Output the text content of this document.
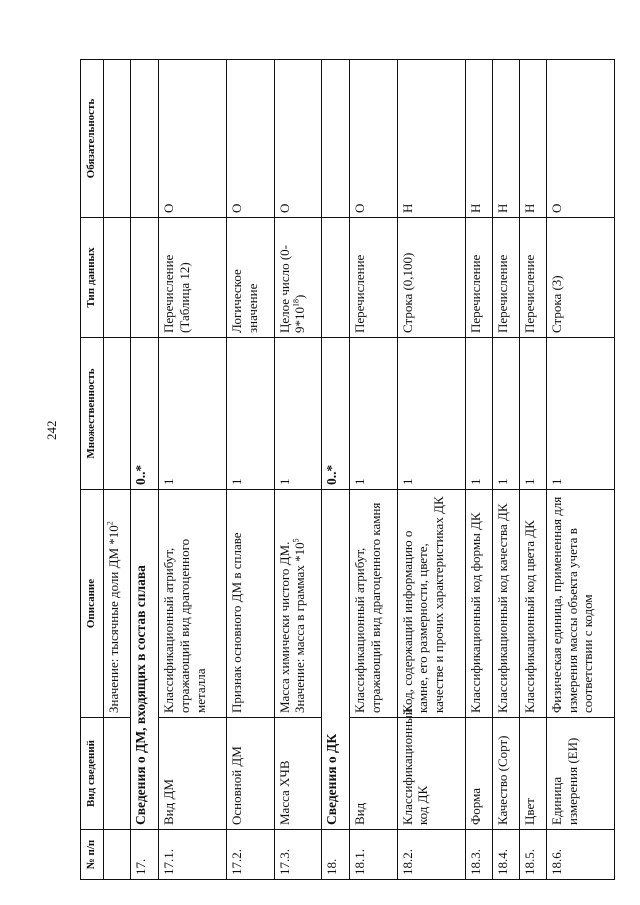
242
№ п/п	Вид сведений	Описание	Множественность	Тип данных	Обязательность
		Значение: тысячные доли ДМ $*10^2$			
17.	Сведения о ДМ, входящих в состав сплава		0..*		
17.1.	Вид ДМ	Классификационный атрибут, отражающий вид драгоценного металла	1	Перечисление (Таблица 12)	О
17.2.	Основной ДМ	Признак основного ДМ в сплаве	1	Логическое значение	О
17.3.	Масса ХЧВ	Масса химически чистого ДМ. Значение: масса в граммах $*10^5$	1	Целое число $(0-9*10^{18})$	О
18.	Сведения о ДК		0..*		
18.1.	Вид	Классификационный атрибут, отражающий вид драгоценного камня	1	Перечисление	О
18.2.	Классификационный код ДК	Код, содержащий информацию о камне, его размерности, цвете, качестве и прочих характеристиках ДК	1	Строка (0,100)	Н
18.3.	Форма	Классификационный код формы ДК	1	Перечисление	Н
18.4.	Качество (Сорт)	Классификационный код качества ДК	1	Перечисление	Н
18.5.	Цвет	Классификационный код цвета ДК	1	Перечисление	Н
18.6.	Единица измерения (ЕИ)	Физическая единица, примененная для измерения массы объекта учета в соответствии с кодом	1	Строка (3)	О
